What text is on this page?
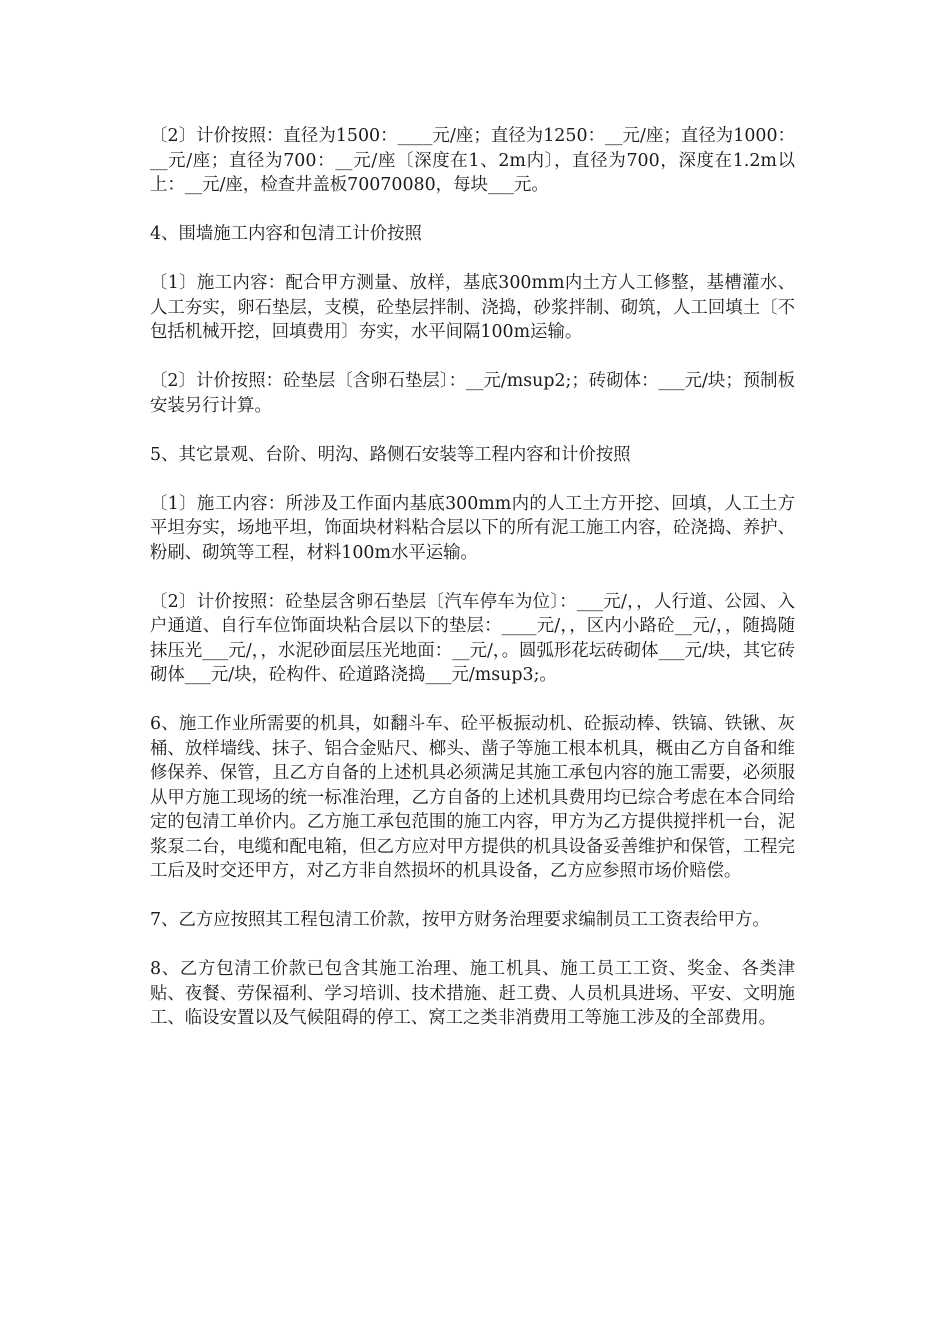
〔2〕计价按照：直径为1500：____元/座；直径为1250：__元/座；直径为1000：__元/座；直径为700：__元/座〔深度在1、2m内〕，直径为700，深度在1.2m以上：__元/座，检查井盖板70070080，每块___元。

4、围墙施工内容和包清工计价按照

〔1〕施工内容：配合甲方测量、放样，基底300mm内土方人工修整，基槽灌水、人工夯实，卵石垫层，支模，砼垫层拌制、浇捣，砂浆拌制、砌筑，人工回填土〔不包括机械开挖，回填费用〕夯实，水平间隔100m运输。

〔2〕计价按照：砼垫层〔含卵石垫层〕：__元/msup2;；砖砌体：___元/块；预制板安装另行计算。

5、其它景观、台阶、明沟、路侧石安装等工程内容和计价按照

〔1〕施工内容：所涉及工作面内基底300mm内的人工土方开挖、回填，人工土方平坦夯实，场地平坦，饰面块材料粘合层以下的所有泥工施工内容，砼浇捣、养护、粉刷、砌筑等工程，材料100m水平运输。

〔2〕计价按照：砼垫层含卵石垫层〔汽车停车为位〕：___元/，，人行道、公园、入户通道、自行车位饰面块粘合层以下的垫层：____元/，，区内小路砼__元/，，随捣随抹压光___元/，，水泥砂面层压光地面：__元/，。圆弧形花坛砖砌体___元/块，其它砖砌体___元/块，砼构件、砼道路浇捣___元/msup3;。

6、施工作业所需要的机具，如翻斗车、砼平板振动机、砼振动棒、铁镐、铁锹、灰桶、放样墙线、抹子、铝合金贴尺、榔头、凿子等施工根本机具，概由乙方自备和维修保养、保管，且乙方自备的上述机具必须满足其施工承包内容的施工需要，必须服从甲方施工现场的统一标准治理，乙方自备的上述机具费用均已综合考虑在本合同给定的包清工单价内。乙方施工承包范围的施工内容，甲方为乙方提供搅拌机一台，泥浆泵二台，电缆和配电箱，但乙方应对甲方提供的机具设备妥善维护和保管，工程完工后及时交还甲方，对乙方非自然损坏的机具设备，乙方应参照市场价赔偿。

7、乙方应按照其工程包清工价款，按甲方财务治理要求编制员工工资表给甲方。

8、乙方包清工价款已包含其施工治理、施工机具、施工员工工资、奖金、各类津贴、夜餐、劳保福利、学习培训、技术措施、赶工费、人员机具进场、平安、文明施工、临设安置以及气候阻碍的停工、窝工之类非消费用工等施工涉及的全部费用。
